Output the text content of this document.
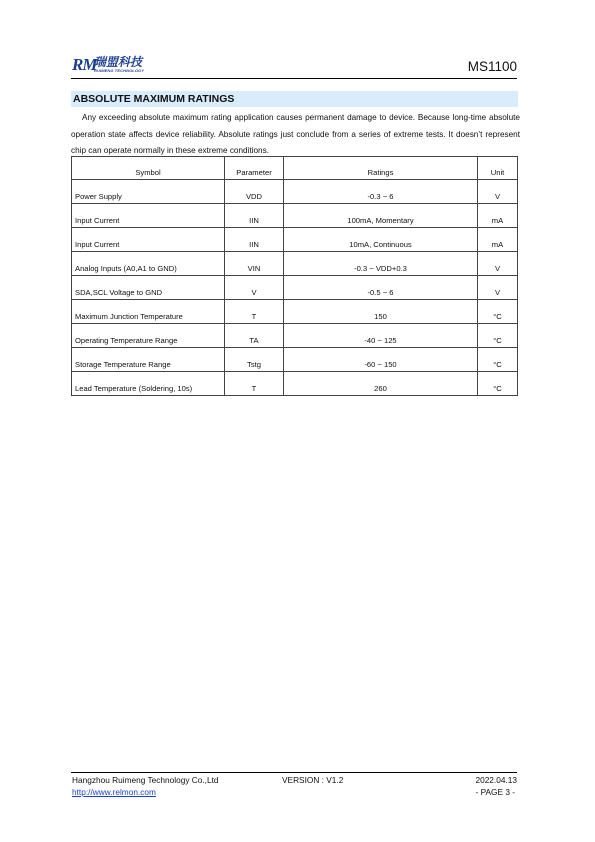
RM
瑞盟科技
RUIMENG TECHNOLOGY	MS1100
ABSOLUTE MAXIMUM RATINGS
Any exceeding absolute maximum rating application causes permanent damage to device. Because long-time absolute operation state affects device reliability. Absolute ratings just conclude from a series of extreme tests. It doesn’t represent chip can operate normally in these extreme conditions.
Symbol	Parameter	Ratings	Unit
Power Supply	VDD	-0.3 ~ 6	V
Input Current	IIN	100mA, Momentary	mA
Input Current	IIN	10mA, Continuous	mA
Analog Inputs (A0,A1 to GND)	VIN	-0.3 ~ VDD+0.3	V
SDA,SCL Voltage to GND	V	-0.5 ~ 6	V
Maximum Junction Temperature	T	150	°C
Operating Temperature Range	TA	-40 ~ 125	°C
Storage Temperature Range	Tstg	-60 ~ 150	°C
Lead Temperature (Soldering, 10s)	T	260	°C
Hangzhou Ruimeng Technology Co.,Ltd	VERSION : V1.2	2022.04.13
http://www.relmon.com	- PAGE 3 -
